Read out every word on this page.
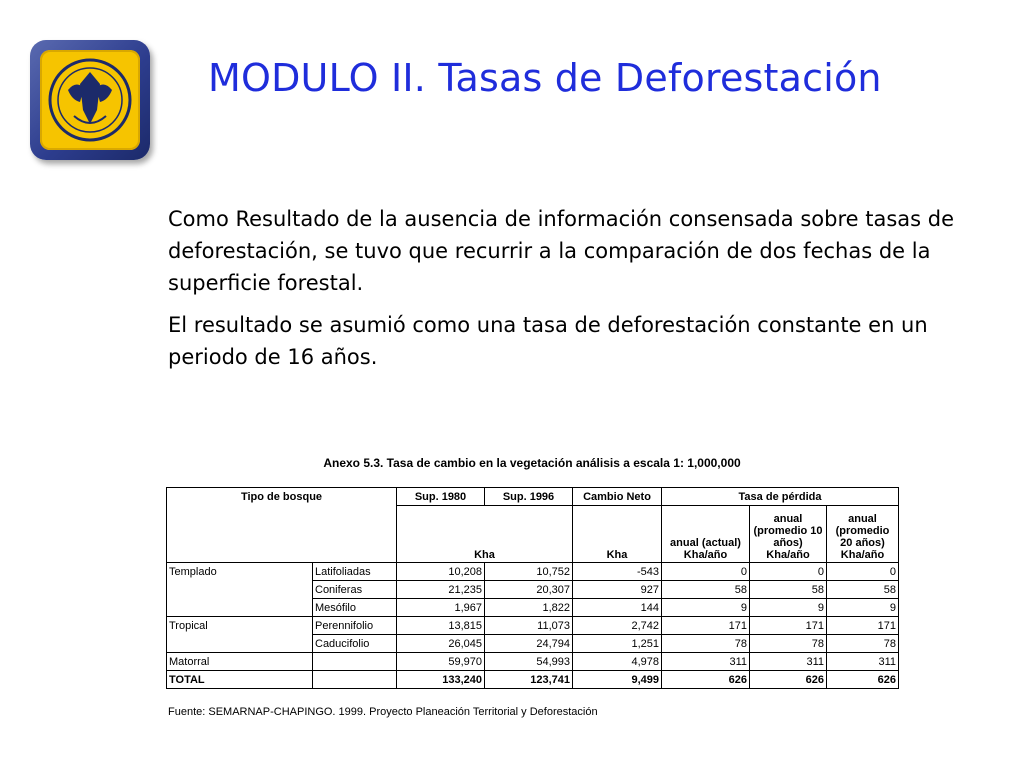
MODULO II. Tasas de Deforestación

Como Resultado de la ausencia de información consensada sobre tasas de deforestación, se tuvo que recurrir a la comparación de dos fechas de la superficie forestal.

El resultado se asumió como una tasa de deforestación constante en un periodo de 16 años.

Anexo 5.3. Tasa de cambio en la vegetación análisis a escala 1: 1,000,000
Tipo de bosque		Sup. 1980	Sup. 1996	Cambio Neto	Tasa de pérdida		
		Kha		Kha	anual (actual) Kha/año	anual (promedio 10 años) Kha/año	anual (promedio 20 años) Kha/año
Templado	Latifoliadas	10,208	10,752	-543	0	0	0
	Coniferas	21,235	20,307	927	58	58	58
	Mesófilo	1,967	1,822	144	9	9	9
Tropical	Perennifolio	13,815	11,073	2,742	171	171	171
	Caducifolio	26,045	24,794	1,251	78	78	78
Matorral		59,970	54,993	4,978	311	311	311
TOTAL		133,240	123,741	9,499	626	626	626
Fuente: SEMARNAP-CHAPINGO. 1999. Proyecto Planeación Territorial y Deforestación
